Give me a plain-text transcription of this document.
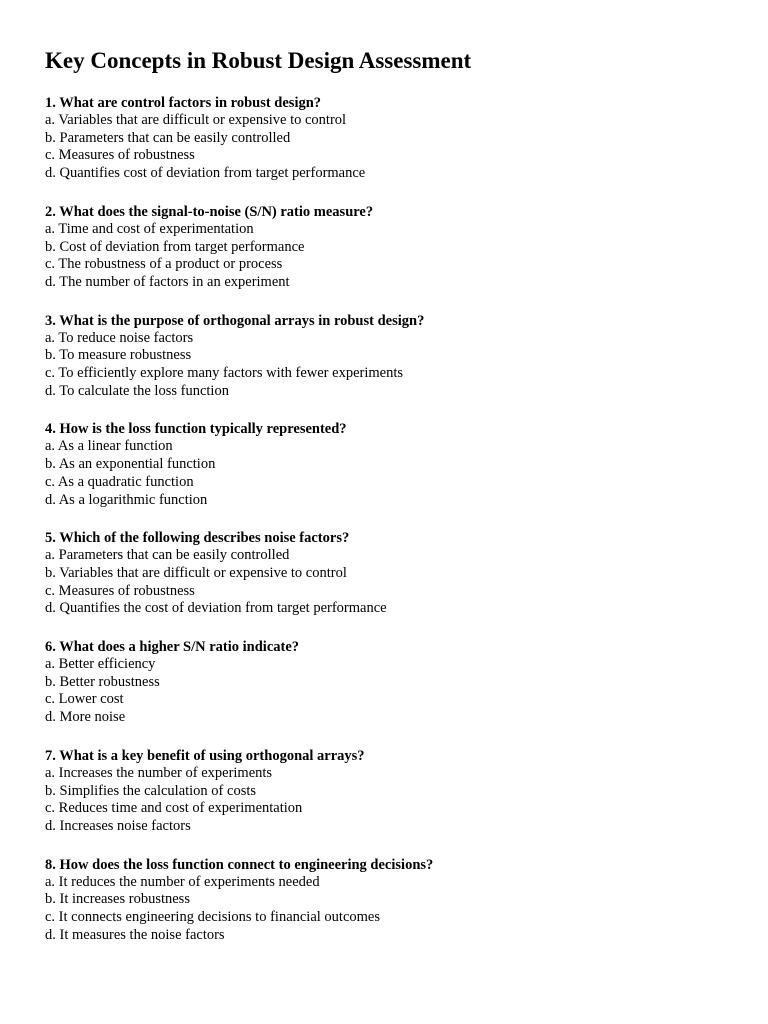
Key Concepts in Robust Design Assessment
1. What are control factors in robust design?
a. Variables that are difficult or expensive to control
b. Parameters that can be easily controlled
c. Measures of robustness
d. Quantifies cost of deviation from target performance
2. What does the signal-to-noise (S/N) ratio measure?
a. Time and cost of experimentation
b. Cost of deviation from target performance
c. The robustness of a product or process
d. The number of factors in an experiment
3. What is the purpose of orthogonal arrays in robust design?
a. To reduce noise factors
b. To measure robustness
c. To efficiently explore many factors with fewer experiments
d. To calculate the loss function
4. How is the loss function typically represented?
a. As a linear function
b. As an exponential function
c. As a quadratic function
d. As a logarithmic function
5. Which of the following describes noise factors?
a. Parameters that can be easily controlled
b. Variables that are difficult or expensive to control
c. Measures of robustness
d. Quantifies the cost of deviation from target performance
6. What does a higher S/N ratio indicate?
a. Better efficiency
b. Better robustness
c. Lower cost
d. More noise
7. What is a key benefit of using orthogonal arrays?
a. Increases the number of experiments
b. Simplifies the calculation of costs
c. Reduces time and cost of experimentation
d. Increases noise factors
8. How does the loss function connect to engineering decisions?
a. It reduces the number of experiments needed
b. It increases robustness
c. It connects engineering decisions to financial outcomes
d. It measures the noise factors
